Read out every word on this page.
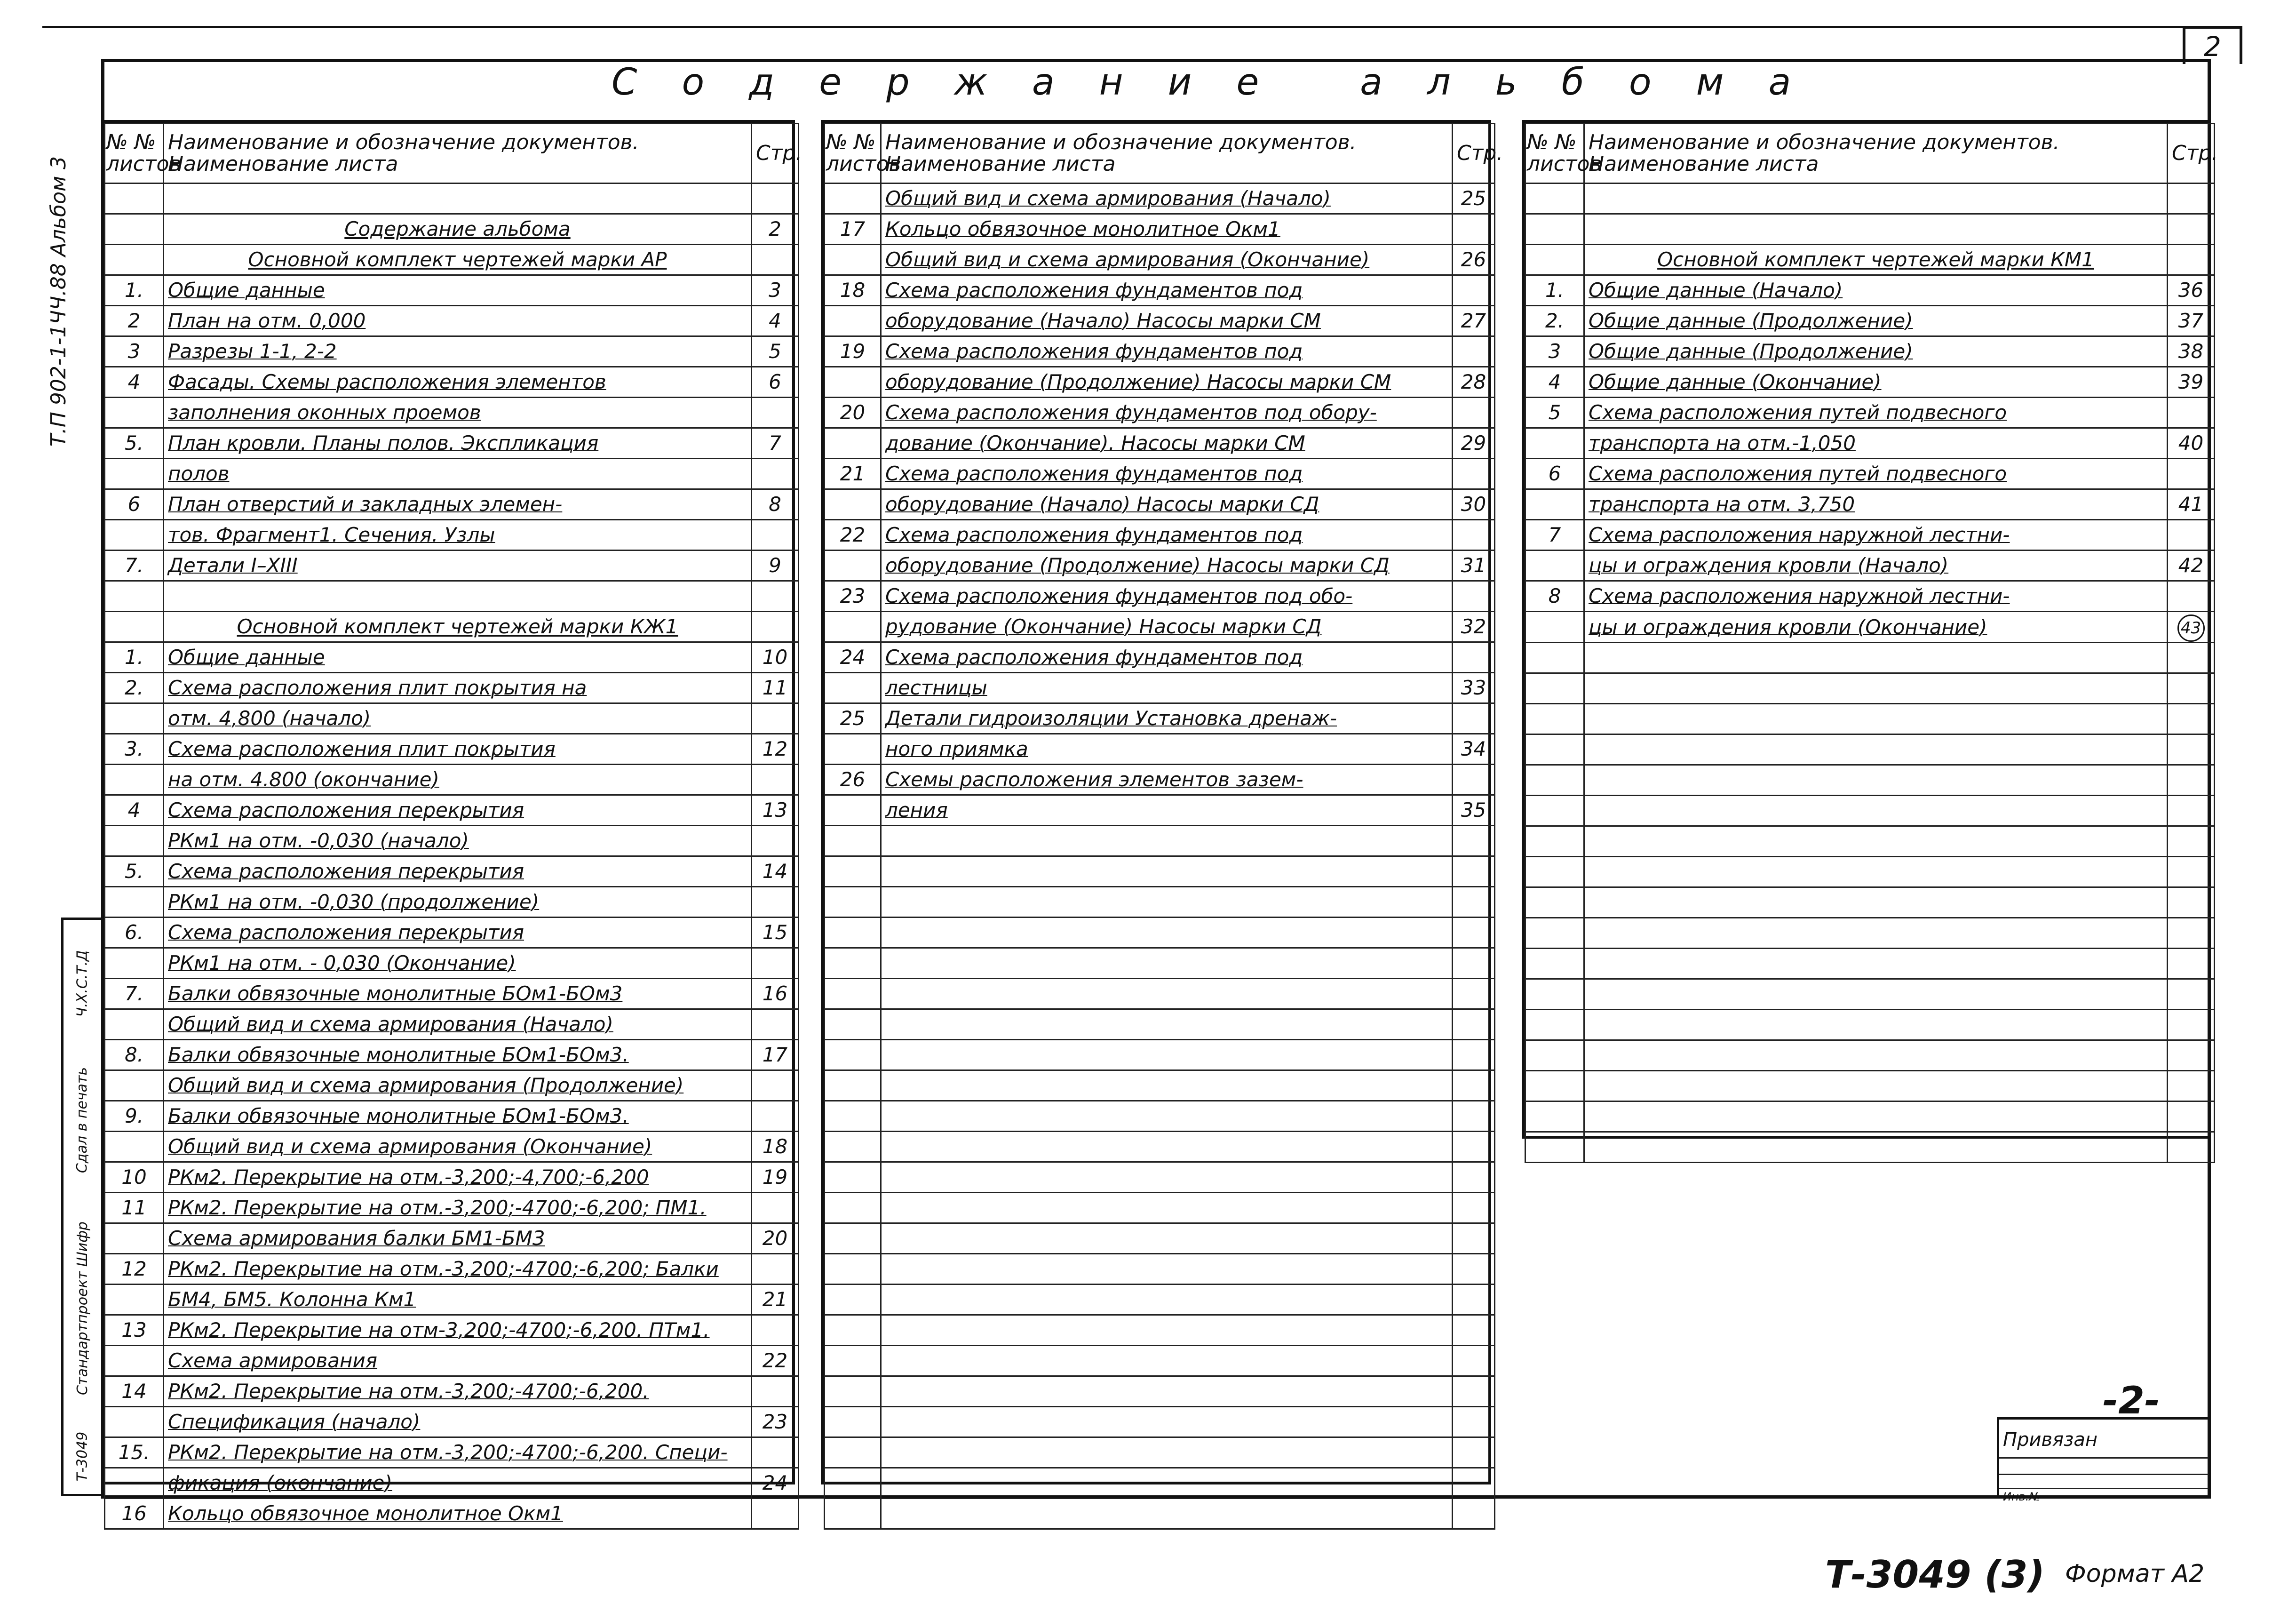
2
Содержание альбома
Т.П 902-1-1ЧЧ.88 Альбом 3
Т-3049
Стандартпроект Шифр
Сдал в печать
Ч.Х.С.Т.Д
№ № листов	Наименование и обозначение документов. Наименование листа	Стр.

	Содержание альбома	2
	Основной комплект чертежей марки АР	
1.	Общие данные	3
2	План на отм. 0,000	4
3	Разрезы 1-1, 2-2	5
4	Фасады. Схемы расположения элементов	6
	заполнения оконных проемов	
5.	План кровли. Планы полов. Экспликация	7
	полов	
6	План отверстий и закладных элемен-	8
	тов. Фрагмент1. Сечения. Узлы	
7.	Детали I–XIII	9

	Основной комплект чертежей марки КЖ1	
1.	Общие данные	10
2.	Схема расположения плит покрытия на	11
	отм. 4,800 (начало)	
3.	Схема расположения плит покрытия	12
	на отм. 4.800 (окончание)	
4	Схема расположения перекрытия	13
	РКм1 на отм. -0,030 (начало)	
5.	Схема расположения перекрытия	14
	РКм1 на отм. -0,030 (продолжение)	
6.	Схема расположения перекрытия	15
	РКм1 на отм. - 0,030 (Окончание)	
7.	Балки обвязочные монолитные БОм1-БОм3	16
	Общий вид и схема армирования (Начало)	
8.	Балки обвязочные монолитные БОм1-БОм3.	17
	Общий вид и схема армирования (Продолжение)	
9.	Балки обвязочные монолитные БОм1-БОм3.	
	Общий вид и схема армирования (Окончание)	18
10	РКм2. Перекрытие на отм.-3,200;-4,700;-6,200	19
11	РКм2. Перекрытие на отм.-3,200;-4700;-6,200; ПМ1.	
	Схема армирования балки БМ1-БМ3	20
12	РКм2. Перекрытие на отм.-3,200;-4700;-6,200; Балки	
	БМ4, БМ5. Колонна Км1	21
13	РКм2. Перекрытие на отм-3,200;-4700;-6,200. ПТм1.	
	Схема армирования	22
14	РКм2. Перекрытие на отм.-3,200;-4700;-6,200.	
	Спецификация (начало)	23
15.	РКм2. Перекрытие на отм.-3,200;-4700;-6,200. Специ-	
	фикация (окончание)	24
16	Кольцо обвязочное монолитное Окм1	
№ № листов	Наименование и обозначение документов. Наименование листа	Стр.
	Общий вид и схема армирования (Начало)	25
17	Кольцо обвязочное монолитное Окм1	
	Общий вид и схема армирования (Окончание)	26
18	Схема расположения фундаментов под	
	оборудование (Начало) Насосы марки СМ	27
19	Схема расположения фундаментов под	
	оборудование (Продолжение) Насосы марки СМ	28
20	Схема расположения фундаментов под обору-	
	дование (Окончание). Насосы марки СМ	29
21	Схема расположения фундаментов под	
	оборудование (Начало) Насосы марки СД	30
22	Схема расположения фундаментов под	
	оборудование (Продолжение) Насосы марки СД	31
23	Схема расположения фундаментов под обо-	
	рудование (Окончание) Насосы марки СД	32
24	Схема расположения фундаментов под	
	лестницы	33
25	Детали гидроизоляции Установка дренаж-	
	ного приямка	34
26	Схемы расположения элементов зазем-	
	ления	35

№ № листов	Наименование и обозначение документов. Наименование листа	Стр.

	Основной комплект чертежей марки КМ1	
1.	Общие данные (Начало)	36
2.	Общие данные (Продолжение)	37
3	Общие данные (Продолжение)	38
4	Общие данные (Окончание)	39
5	Схема расположения путей подвесного	
	транспорта на отм.-1,050	40
6	Схема расположения путей подвесного	
	транспорта на отм. 3,750	41
7	Схема расположения наружной лестни-	
	цы и ограждения кровли (Начало)	42
8	Схема расположения наружной лестни-	
	цы и ограждения кровли (Окончание)	43

-2-
Привязан
Инв.№
Т-3049 (3) Формат А2
